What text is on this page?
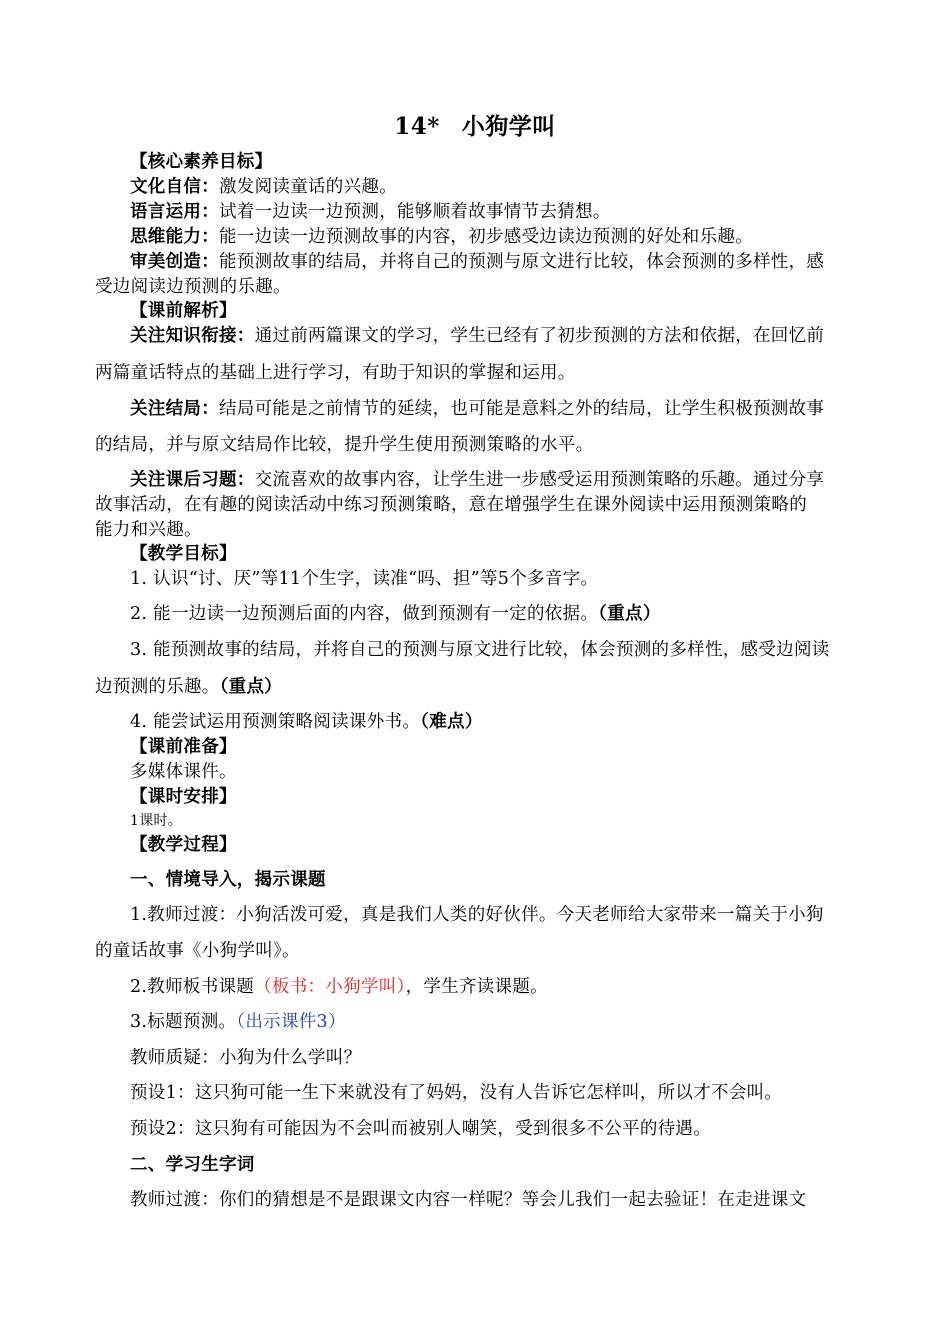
14* 小狗学叫
【核心素养目标】
文化自信：激发阅读童话的兴趣。
语言运用：试着一边读一边预测，能够顺着故事情节去猜想。
思维能力：能一边读一边预测故事的内容，初步感受边读边预测的好处和乐趣。
审美创造：能预测故事的结局，并将自己的预测与原文进行比较，体会预测的多样性，感
受边阅读边预测的乐趣。
【课前解析】
关注知识衔接：通过前两篇课文的学习，学生已经有了初步预测的方法和依据，在回忆前
两篇童话特点的基础上进行学习，有助于知识的掌握和运用。
关注结局：结局可能是之前情节的延续，也可能是意料之外的结局，让学生积极预测故事
的结局，并与原文结局作比较，提升学生使用预测策略的水平。
关注课后习题：交流喜欢的故事内容，让学生进一步感受运用预测策略的乐趣。通过分享
故事活动，在有趣的阅读活动中练习预测策略，意在增强学生在课外阅读中运用预测策略的
能力和兴趣。
【教学目标】
1. 认识“讨、厌”等11个生字，读准“吗、担”等5个多音字。
2. 能一边读一边预测后面的内容，做到预测有一定的依据。（重点）
3. 能预测故事的结局，并将自己的预测与原文进行比较，体会预测的多样性，感受边阅读
边预测的乐趣。（重点）
4. 能尝试运用预测策略阅读课外书。（难点）
【课前准备】
多媒体课件。
【课时安排】
1课时。
【教学过程】
一、情境导入，揭示课题
1.教师过渡：小狗活泼可爱，真是我们人类的好伙伴。今天老师给大家带来一篇关于小狗
的童话故事《小狗学叫》。
2.教师板书课题（板书：小狗学叫），学生齐读课题。
3.标题预测。（出示课件3）
教师质疑：小狗为什么学叫？
预设1：这只狗可能一生下来就没有了妈妈，没有人告诉它怎样叫，所以才不会叫。
预设2：这只狗有可能因为不会叫而被别人嘲笑，受到很多不公平的待遇。
二、学习生字词
教师过渡：你们的猜想是不是跟课文内容一样呢？等会儿我们一起去验证！在走进课文
